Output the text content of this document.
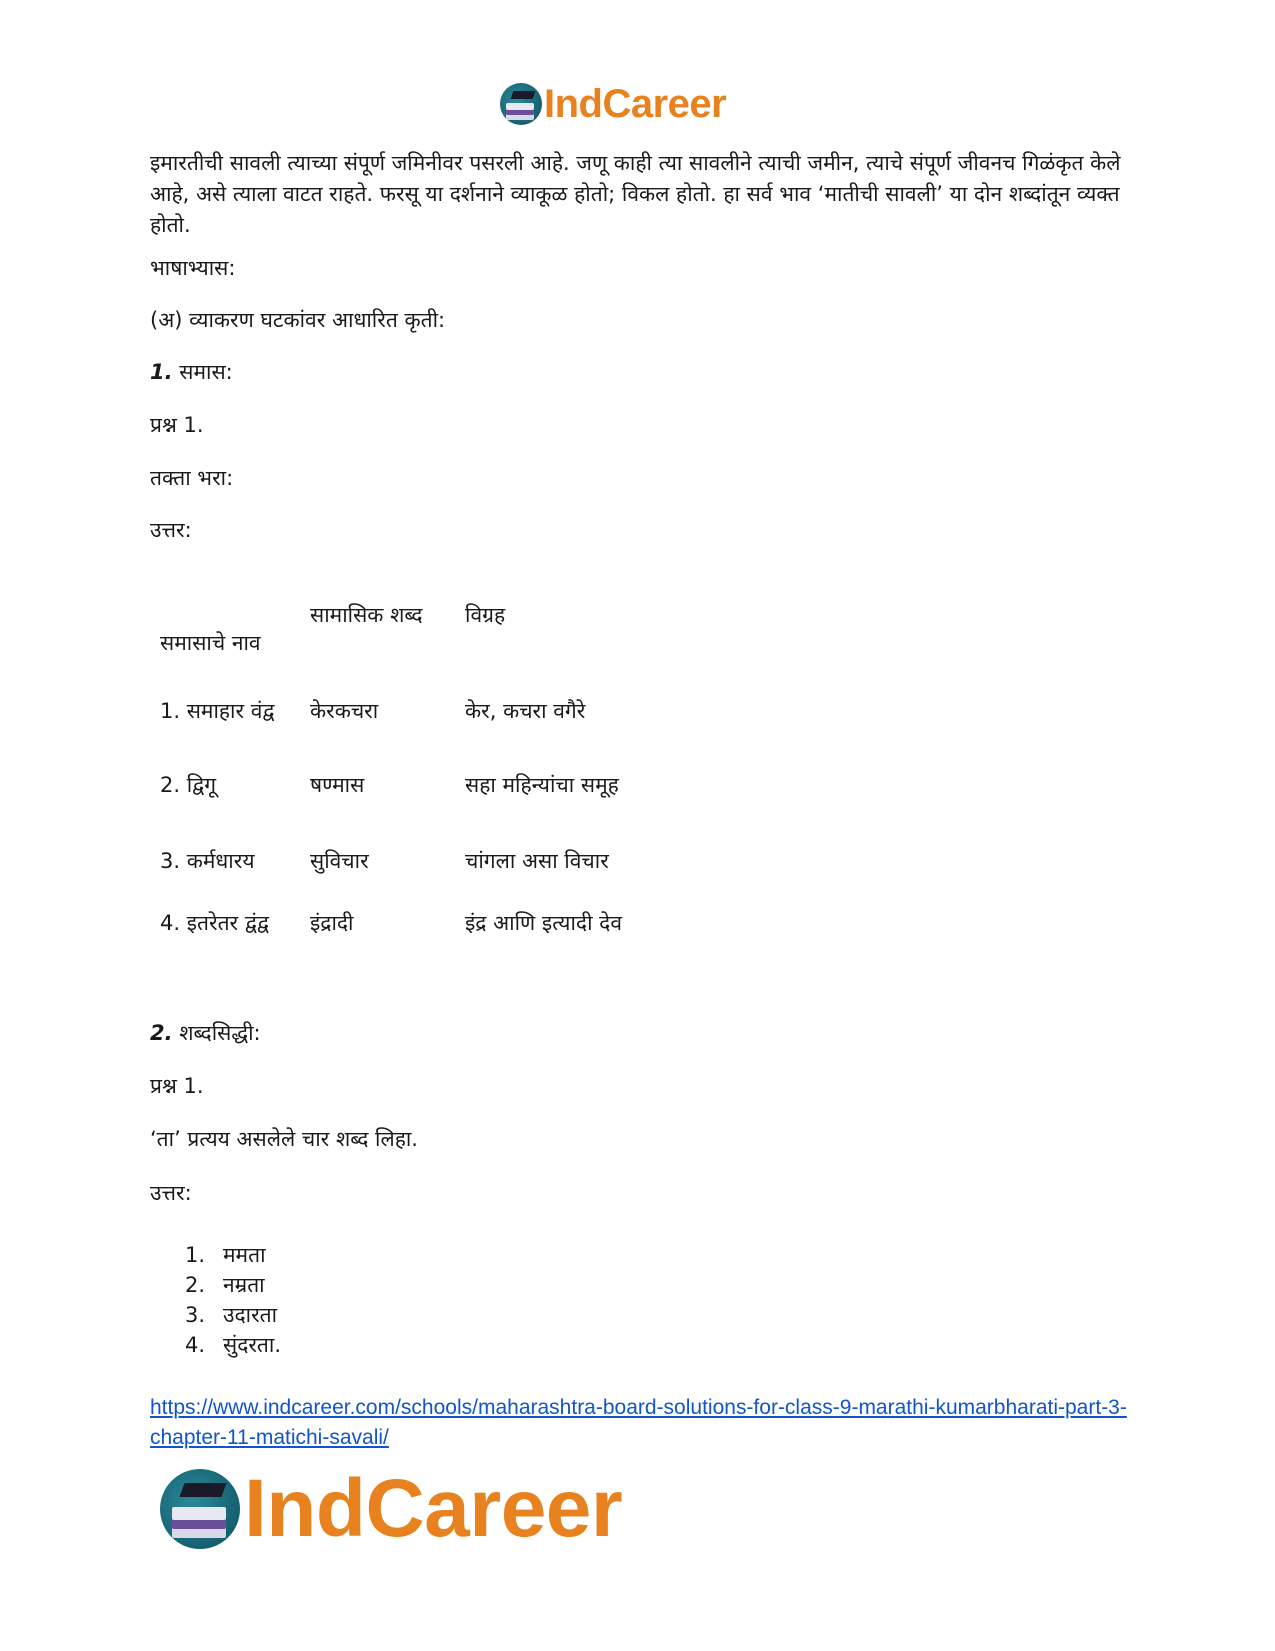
IndCareer

इमारतीची सावली त्याच्या संपूर्ण जमिनीवर पसरली आहे. जणू काही त्या सावलीने त्याची जमीन, त्याचे संपूर्ण जीवनच गिळंकृत केले आहे, असे त्याला वाटत राहते. फरसू या दर्शनाने व्याकूळ होतो; विकल होतो. हा सर्व भाव ‘मातीची सावली’ या दोन शब्दांतून व्यक्त होतो.

भाषाभ्यास:
(अ) व्याकरण घटकांवर आधारित कृती:
1. समास:
प्रश्न 1.
तक्ता भरा:
उत्तर:
समासाचे नाव	सामासिक शब्द	विग्रह
1. समाहार वंद्व	केरकचरा	केर, कचरा वगैरे
2. द्विगू	षण्मास	सहा महिन्यांचा समूह
3. कर्मधारय	सुविचार	चांगला असा विचार
4. इतरेतर द्वंद्व	इंद्रादी	इंद्र आणि इत्यादी देव
2. शब्दसिद्धी:
प्रश्न 1.
‘ता’ प्रत्यय असलेले चार शब्द लिहा.
उत्तर:
1. ममता
2. नम्रता
3. उदारता
4. सुंदरता.
https://www.indcareer.com/schools/maharashtra-board-solutions-for-class-9-marathi-kumarbharati-part-3-chapter-11-matichi-savali/
IndCareer
